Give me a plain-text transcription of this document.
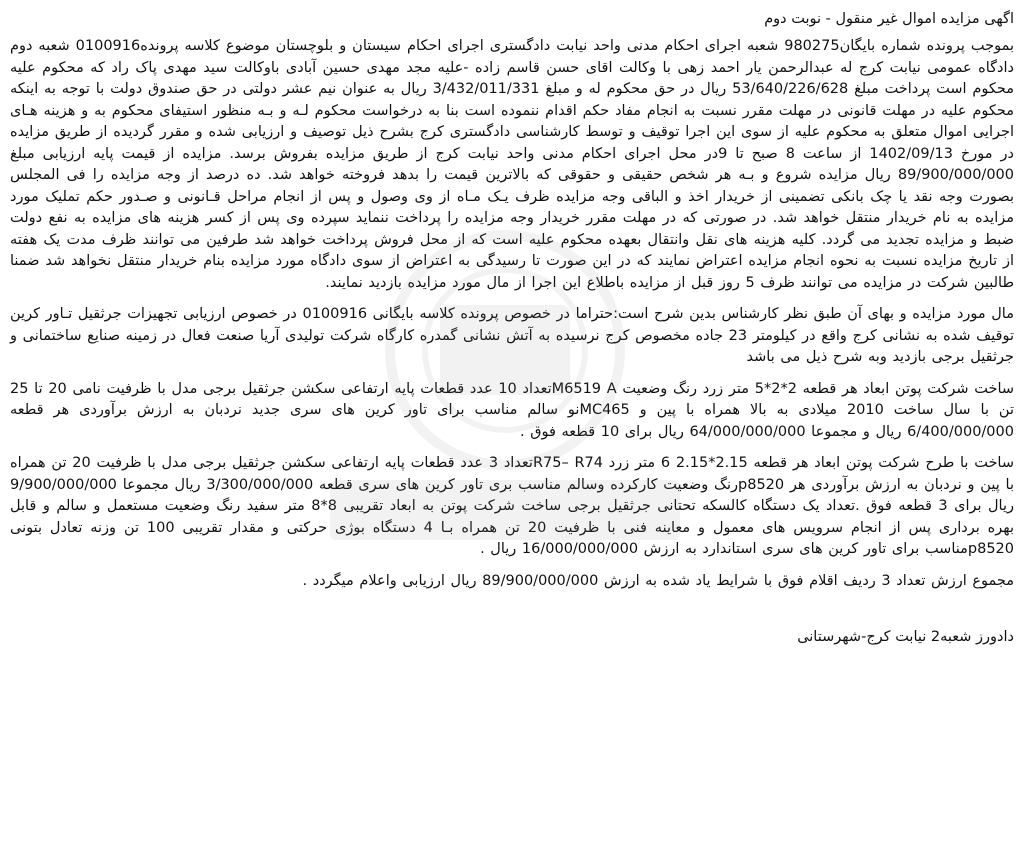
اگهی مزایده اموال غیر منقول - نوبت دوم
بموجب پرونده شماره بایگان980275 شعبه اجرای احکام مدنی واحد نیابت دادگستری اجرای احکام سیستان و بلوچستان موضوع کلاسه پرونده0100916 شعبه دوم دادگاه عمومی نیابت کرج له عبدالرحمن یار احمد زهی با وکالت اقای حسن قاسم زاده -علیه مجد مهدی حسین آبادی باوکالت سید مهدی پاک راد که محکوم علیه محکوم است پرداخت مبلغ 53/640/226/628 ریال در حق محکوم له و مبلغ 3/432/011/331 ریال به عنوان نیم عشر دولتی در حق صندوق دولت با توجه به اینکه محکوم علیه در مهلت قانونی در مهلت مقرر نسبت به انجام مفاد حکم اقدام ننموده است بنا به درخواست محکوم لـه و بـه منظور استیفای محکوم به و هزینه هـای اجرایی اموال متعلق به محکوم علیه از سوی این اجرا توقیف و توسط کارشناسی دادگستری کرج بشرح ذیل توصیف و ارزیابی شده و مقرر گردیده از طریق مزایده در مورخ 1402/09/13 از ساعت 8 صبح تا 9در محل اجرای احکام مدنی واحد نیابت کرج از طریق مزایده بفروش برسد. مزایده از قیمت پایه ارزیابی مبلغ 89/900/000/000 ریال مزایده شروع و بـه هر شخص حقیقی و حقوقی که بالاترین قیمت را بدهد فروخته خواهد شد. ده درصد از وجه مزایده را فی المجلس بصورت وجه نقد یا چک بانکی تضمینی از خریدار اخذ و الباقی وجه مزایده ظرف یـک مـاه از وی وصول و پس از انجام مراحل قـانونی و صـدور حکم تملیک مورد مزایده به نام خریدار منتقل خواهد شد. در صورتی که در مهلت مقرر خریدار وجه مزایده را پرداخت ننماید سپرده وی پس از کسر هزینه های مزایده به نفع دولت ضبط و مزایده تجدید می گردد. کلیه هزینه های نقل وانتقال بعهده محکوم علیه است که از محل فروش پرداخت خواهد شد طرفین می توانند ظرف مدت یک هفته از تاریخ مزایده نسبت به نحوه انجام مزایده اعتراض نمایند که در این صورت تا رسیدگی به اعتراض از سوی دادگاه مورد مزایده بنام خریدار منتقل نخواهد شد ضمنا طالبین شرکت در مزایده می توانند ظرف 5 روز قبل از مزایده باطلاع این اجرا از مال مورد مزایده بازدید نمایند.
مال مورد مزایده و بهای آن طبق نظر کارشناس بدین شرح است:حتراما در خصوص پرونده کلاسه بایگانی 0100916 در خصوص ارزیابی تجهیزات جرثقیل تـاور کرین توقیف شده به نشانی کرج واقع در کیلومتر 23 جاده مخصوص کرج نرسیده به آتش نشانی گمدره کارگاه شرکت تولیدی آریا صنعت فعال در زمینه صنایع ساختمانی و جرثقیل برجی بازدید وبه شرح ذیل می باشد
ساخت شرکت پوتن ابعاد هر قطعه 2*2*5 متر زرد رنگ وضعیت M6519 Aتعداد 10 عدد قطعات پایه ارتفاعی سکشن جرثقیل برجی مدل با ظرفیت نامی 20 تا 25 تن با سال ساخت 2010 میلادی به بالا همراه با پین و MC465نو سالم مناسب برای تاور کرین های سری جدید نردبان به ارزش برآوردی هر قطعه 6/400/000/000 ریال و مجموعا 64/000/000/000 ریال برای 10 قطعه فوق .
ساخت با طرح شرکت پوتن ابعاد هر قطعه 2.15*2.15 6 متر زرد R75– R74تعداد 3 عدد قطعات پایه ارتفاعی سکشن جرثقیل برجی مدل با ظرفیت 20 تن همراه با پین و نردبان به ارزش برآوردی هر p8520رنگ وضعیت کارکرده وسالم مناسب بری تاور کرین های سری قطعه 3/300/000/000 ریال مجموعا 9/900/000/000 ریال برای 3 قطعه فوق .تعداد یک دستگاه کالسکه تحتانی جرثقیل برجی ساخت شرکت پوتن به ابعاد تقریبی 8*8 متر سفید رنگ وضعیت مستعمل و سالم و قابل بهره برداری پس از انجام سرویس های معمول و معاینه فنی با ظرفیت 20 تن همراه بـا 4 دستگاه بوژی حرکتی و مقدار تقریبی 100 تن وزنه تعادل بتونی p8520مناسب برای تاور کرین های سری استاندارد به ارزش 16/000/000/000 ریال .
مجموع ارزش تعداد 3 ردیف اقلام فوق با شرایط یاد شده به ارزش 89/900/000/000 ریال ارزیابی واعلام میگردد .
دادورز شعبه2 نیابت کرج-شهرستانی
